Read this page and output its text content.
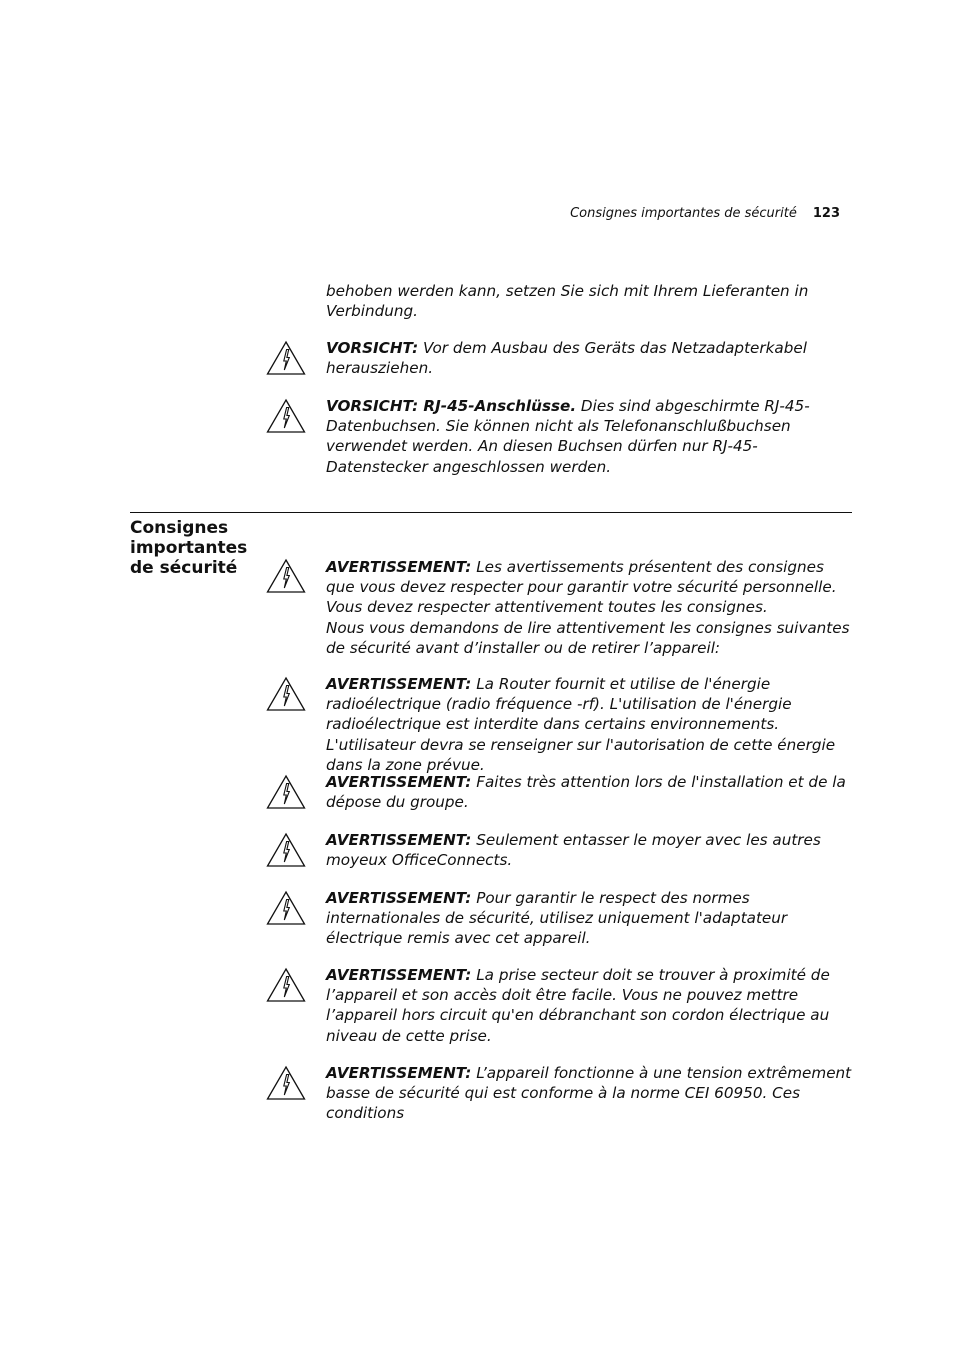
Consignes importantes de sécurité 123
behoben werden kann, setzen Sie sich mit Ihrem Lieferanten in Verbindung.
VORSICHT: Vor dem Ausbau des Geräts das Netzadapterkabel herausziehen.
VORSICHT: RJ-45-Anschlüsse. Dies sind abgeschirmte RJ-45-Datenbuchsen. Sie können nicht als Telefonanschlußbuchsen verwendet werden. An diesen Buchsen dürfen nur RJ-45-Datenstecker angeschlossen werden.
Consignes importantes de sécurité	AVERTISSEMENT: Les avertissements présentent des consignes que vous devez respecter pour garantir votre sécurité personnelle. Vous devez respecter attentivement toutes les consignes.
Nous vous demandons de lire attentivement les consignes suivantes de sécurité avant d’installer ou de retirer l’appareil:
AVERTISSEMENT: La Router fournit et utilise de l'énergie radioélectrique (radio fréquence -rf). L'utilisation de l'énergie radioélectrique est interdite dans certains environnements. L'utilisateur devra se renseigner sur l'autorisation de cette énergie dans la zone prévue.
AVERTISSEMENT: Faites très attention lors de l'installation et de la dépose du groupe.
AVERTISSEMENT: Seulement entasser le moyer avec les autres moyeux OfficeConnects.
AVERTISSEMENT: Pour garantir le respect des normes internationales de sécurité, utilisez uniquement l'adaptateur électrique remis avec cet appareil.
AVERTISSEMENT: La prise secteur doit se trouver à proximité de l’appareil et son accès doit être facile. Vous ne pouvez mettre l’appareil hors circuit qu'en débranchant son cordon électrique au niveau de cette prise.
AVERTISSEMENT: L’appareil fonctionne à une tension extrêmement basse de sécurité qui est conforme à la norme CEI 60950. Ces conditions
